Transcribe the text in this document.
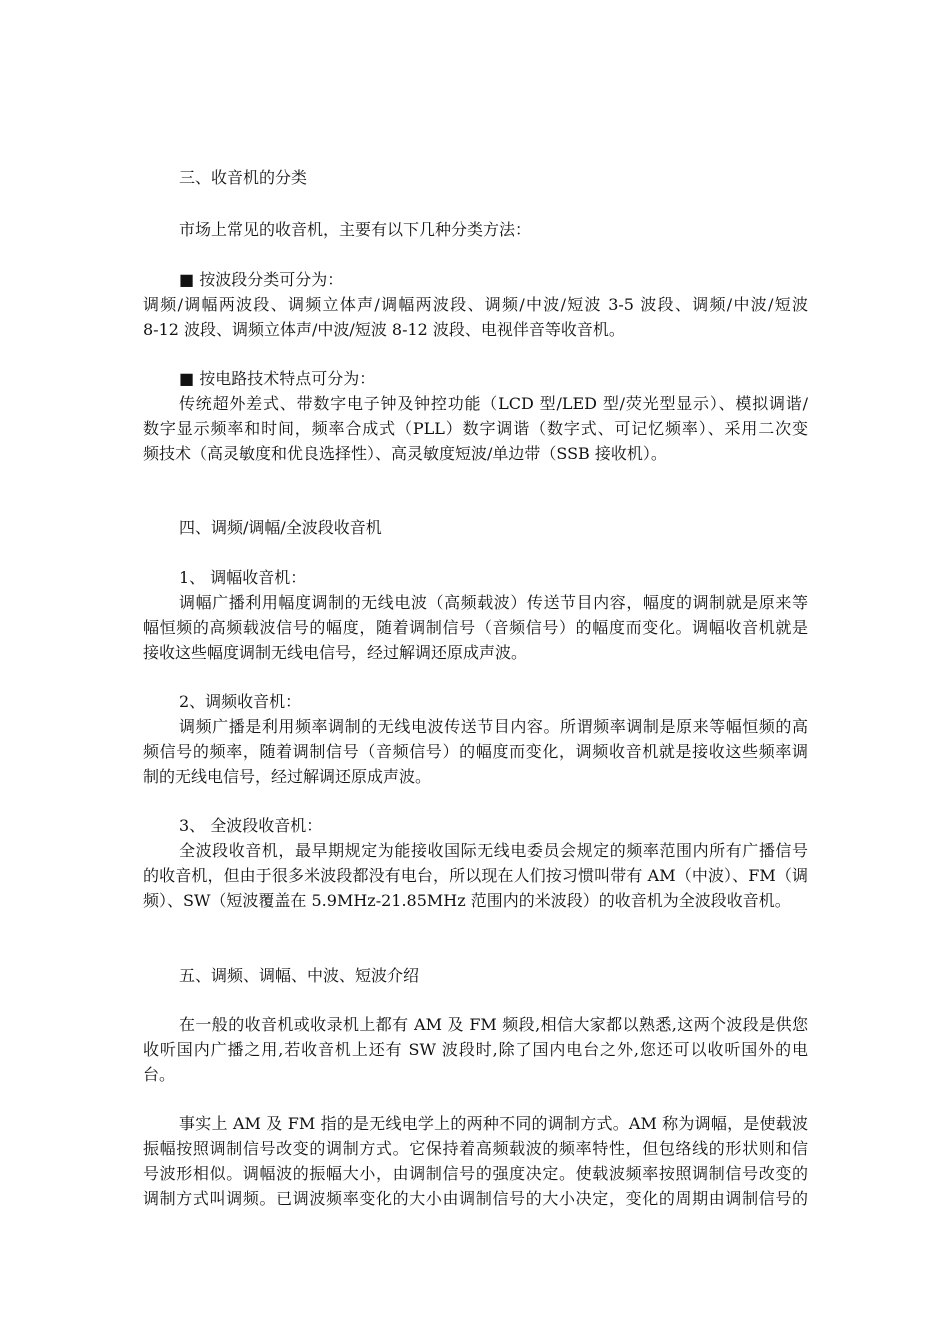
三、收音机的分类

市场上常见的收音机，主要有以下几种分类方法：

■ 按波段分类可分为：

调频/调幅两波段、调频立体声/调幅两波段、调频/中波/短波 3-5 波段、调频/中波/短波

8-12 波段、调频立体声/中波/短波 8-12 波段、电视伴音等收音机。

■ 按电路技术特点可分为：

传统超外差式、带数字电子钟及钟控功能（LCD 型/LED 型/荧光型显示）、模拟调谐/

数字显示频率和时间，频率合成式（PLL）数字调谐（数字式、可记忆频率）、采用二次变

频技术（高灵敏度和优良选择性）、高灵敏度短波/单边带（SSB 接收机）。

四、调频/调幅/全波段收音机

1、 调幅收音机：

调幅广播利用幅度调制的无线电波（高频载波）传送节目内容，幅度的调制就是原来等

幅恒频的高频载波信号的幅度，随着调制信号（音频信号）的幅度而变化。调幅收音机就是

接收这些幅度调制无线电信号，经过解调还原成声波。

2、调频收音机：

调频广播是利用频率调制的无线电波传送节目内容。所谓频率调制是原来等幅恒频的高

频信号的频率，随着调制信号（音频信号）的幅度而变化，调频收音机就是接收这些频率调

制的无线电信号，经过解调还原成声波。

3、 全波段收音机：

全波段收音机，最早期规定为能接收国际无线电委员会规定的频率范围内所有广播信号

的收音机，但由于很多米波段都没有电台，所以现在人们按习惯叫带有 AM（中波）、FM（调

频）、SW（短波覆盖在 5.9MHz-21.85MHz 范围内的米波段）的收音机为全波段收音机。

五、调频、调幅、中波、短波介绍

在一般的收音机或收录机上都有 AM 及 FM 频段,相信大家都以熟悉,这两个波段是供您

收听国内广播之用,若收音机上还有 SW 波段时,除了国内电台之外,您还可以收听国外的电

台。

事实上 AM 及 FM 指的是无线电学上的两种不同的调制方式。AM 称为调幅，是使载波

振幅按照调制信号改变的调制方式。它保持着高频载波的频率特性，但包络线的形状则和信

号波形相似。调幅波的振幅大小，由调制信号的强度决定。使载波频率按照调制信号改变的

调制方式叫调频。已调波频率变化的大小由调制信号的大小决定，变化的周期由调制信号的
